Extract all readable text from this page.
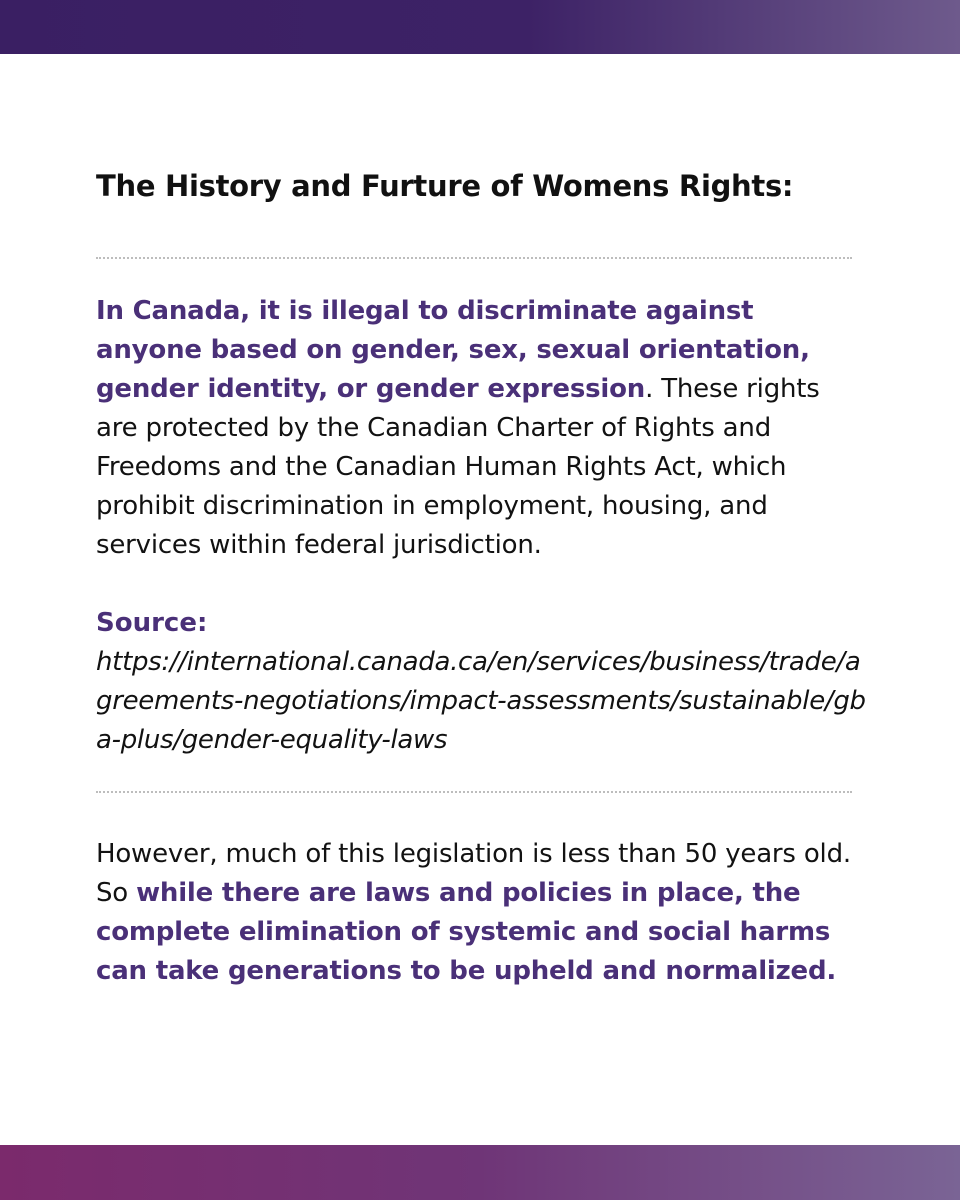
The History and Furture of Womens Rights:

In Canada, it is illegal to discriminate against anyone based on gender, sex, sexual orientation, gender identity, or gender expression. These rights are protected by the Canadian Charter of Rights and Freedoms and the Canadian Human Rights Act, which prohibit discrimination in employment, housing, and services within federal jurisdiction.

Source:
https://international.canada.ca/en/services/business/trade/agreements-negotiations/impact-assessments/sustainable/gba-plus/gender-equality-laws

However, much of this legislation is less than 50 years old. So while there are laws and policies in place, the complete elimination of systemic and social harms can take generations to be upheld and normalized.
